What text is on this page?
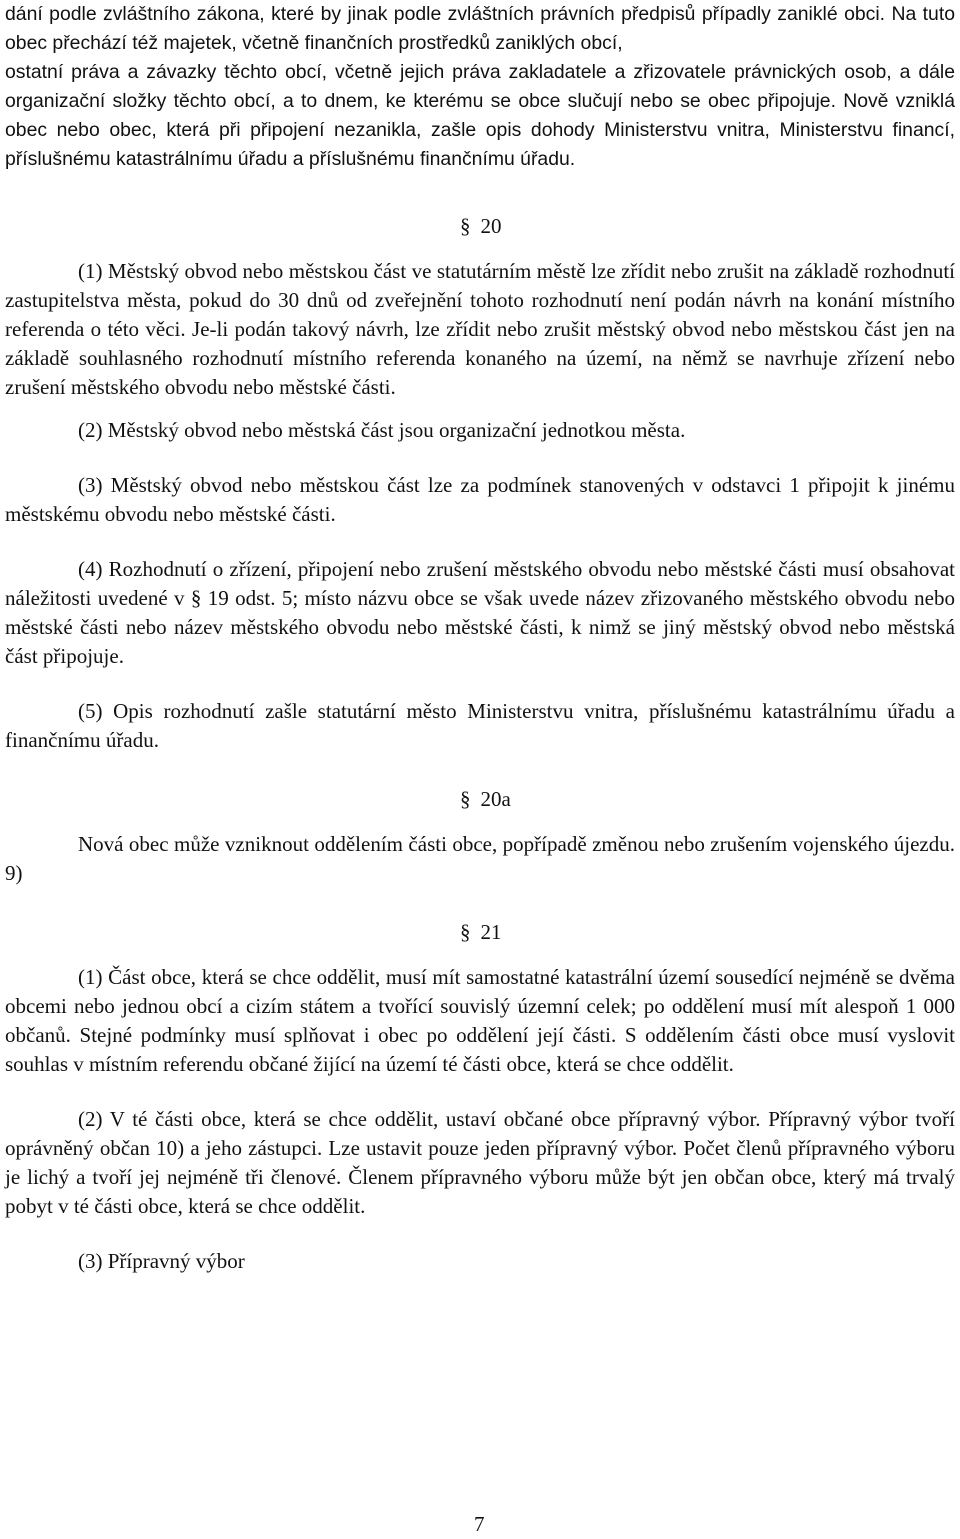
dání podle zvláštního zákona, které by jinak podle zvláštních právních předpisů případly zaniklé obci. Na tuto obec přechází též majetek, včetně finančních prostředků zaniklých obcí,

ostatní práva a závazky těchto obcí, včetně jejich práva zakladatele a zřizovatele právnických osob, a dále organizační složky těchto obcí, a to dnem, ke kterému se obce slučují nebo se obec připojuje. Nově vzniklá obec nebo obec, která při připojení nezanikla, zašle opis dohody Ministerstvu vnitra, Ministerstvu financí, příslušnému katastrálnímu úřadu a příslušnému finančnímu úřadu.

§ 20

(1) Městský obvod nebo městskou část ve statutárním městě lze zřídit nebo zrušit na základě rozhodnutí zastupitelstva města, pokud do 30 dnů od zveřejnění tohoto rozhodnutí není podán návrh na konání místního referenda o této věci. Je-li podán takový návrh, lze zřídit nebo zrušit městský obvod nebo městskou část jen na základě souhlasného rozhodnutí místního referenda konaného na území, na němž se navrhuje zřízení nebo zrušení městského obvodu nebo městské části.

(2) Městský obvod nebo městská část jsou organizační jednotkou města.

(3) Městský obvod nebo městskou část lze za podmínek stanovených v odstavci 1 připojit k jinému městskému obvodu nebo městské části.

(4) Rozhodnutí o zřízení, připojení nebo zrušení městského obvodu nebo městské části musí obsahovat náležitosti uvedené v § 19 odst. 5; místo názvu obce se však uvede název zřizovaného městského obvodu nebo městské části nebo název městského obvodu nebo městské části, k nimž se jiný městský obvod nebo městská část připojuje.

(5) Opis rozhodnutí zašle statutární město Ministerstvu vnitra, příslušnému katastrálnímu úřadu a finančnímu úřadu.

§ 20a

Nová obec může vzniknout oddělením části obce, popřípadě změnou nebo zrušením vojenského újezdu. 9)

§ 21

(1) Část obce, která se chce oddělit, musí mít samostatné katastrální území sousedící nejméně se dvěma obcemi nebo jednou obcí a cizím státem a tvořící souvislý územní celek; po oddělení musí mít alespoň 1 000 občanů. Stejné podmínky musí splňovat i obec po oddělení její části. S oddělením části obce musí vyslovit souhlas v místním referendu občané žijící na území té části obce, která se chce oddělit.

(2) V té části obce, která se chce oddělit, ustaví občané obce přípravný výbor. Přípravný výbor tvoří oprávněný občan 10) a jeho zástupci. Lze ustavit pouze jeden přípravný výbor. Počet členů přípravného výboru je lichý a tvoří jej nejméně tři členové. Členem přípravného výboru může být jen občan obce, který má trvalý pobyt v té části obce, která se chce oddělit.

(3) Přípravný výbor

7
